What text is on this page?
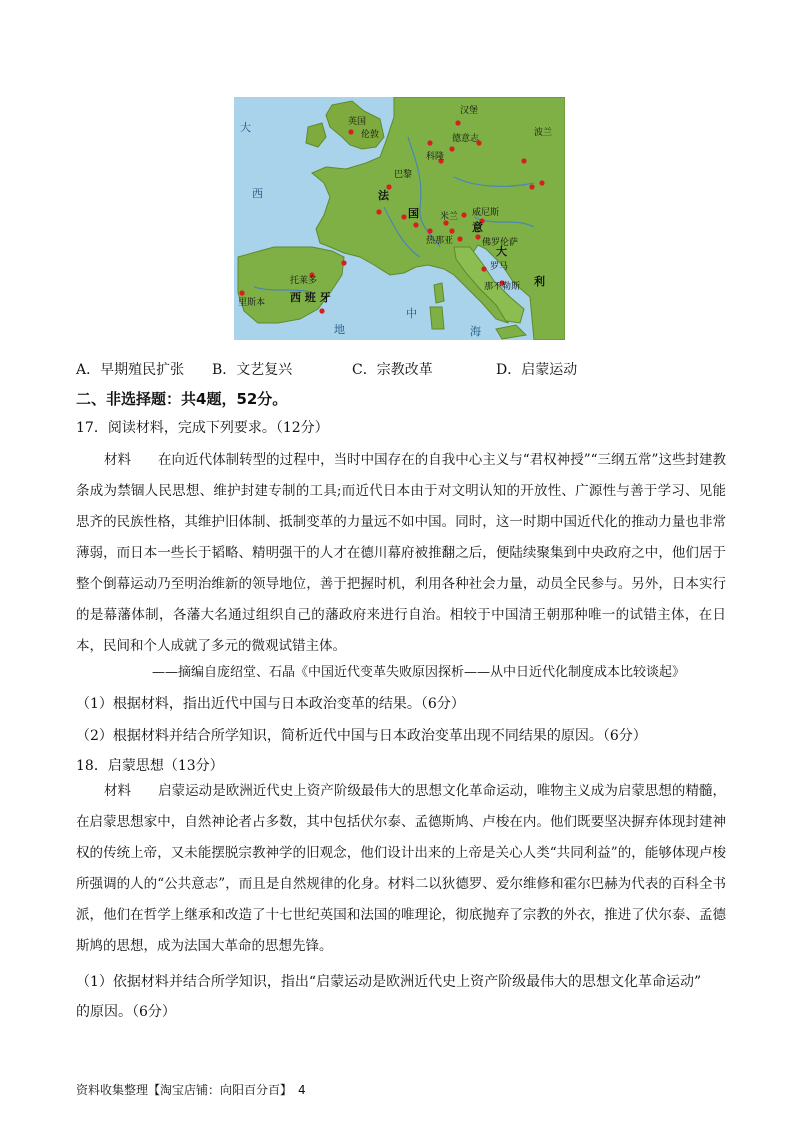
英国
伦敦
汉堡
德意志
波兰
科隆
巴黎
法
国 米兰 威尼斯
热那亚	佛罗伦萨
意
大
罗马
那不勒斯 利
托莱多
里斯本 西 班 牙
大
西
地
中
海
A．早期殖民扩张 B．文艺复兴	C．宗教改革	D．启蒙运动
二、非选择题：共4题，52分。
17．阅读材料，完成下列要求。（12分）
材料　　在向近代体制转型的过程中，当时中国存在的自我中心主义与“君权神授”“三纲五常”这些封建教条成为禁锢人民思想、维护封建专制的工具;而近代日本由于对文明认知的开放性、广源性与善于学习、见能思齐的民族性格，其维护旧体制、抵制变革的力量远不如中国。同时，这一时期中国近代化的推动力量也非常薄弱，而日本一些长于韬略、精明强干的人才在德川幕府被推翻之后，便陆续聚集到中央政府之中，他们居于整个倒幕运动乃至明治维新的领导地位，善于把握时机，利用各种社会力量，动员全民参与。另外，日本实行的是幕藩体制，各藩大名通过组织自己的藩政府来进行自治。相较于中国清王朝那种唯一的试错主体，在日本，民间和个人成就了多元的微观试错主体。
——摘编自庞绍堂、石晶《中国近代变革失败原因探析——从中日近代化制度成本比较谈起》
（1）根据材料，指出近代中国与日本政治变革的结果。（6分）
（2）根据材料并结合所学知识，简析近代中国与日本政治变革出现不同结果的原因。（6分）
18．启蒙思想（13分）
材料　　启蒙运动是欧洲近代史上资产阶级最伟大的思想文化革命运动，唯物主义成为启蒙思想的精髓，在启蒙思想家中，自然神论者占多数，其中包括伏尔泰、孟德斯鸠、卢梭在内。他们既要坚决摒弃体现封建神权的传统上帝，又未能摆脱宗教神学的旧观念，他们设计出来的上帝是关心人类“共同利益”的，能够体现卢梭所强调的人的“公共意志”，而且是自然规律的化身。材料二以狄德罗、爱尔维修和霍尔巴赫为代表的百科全书派，他们在哲学上继承和改造了十七世纪英国和法国的唯理论，彻底抛弃了宗教的外衣，推进了伏尔泰、孟德斯鸠的思想，成为法国大革命的思想先锋。
（1）依据材料并结合所学知识，指出“启蒙运动是欧洲近代史上资产阶级最伟大的思想文化革命运动”
的原因。（6分）
资料收集整理【淘宝店铺：向阳百分百】　4
